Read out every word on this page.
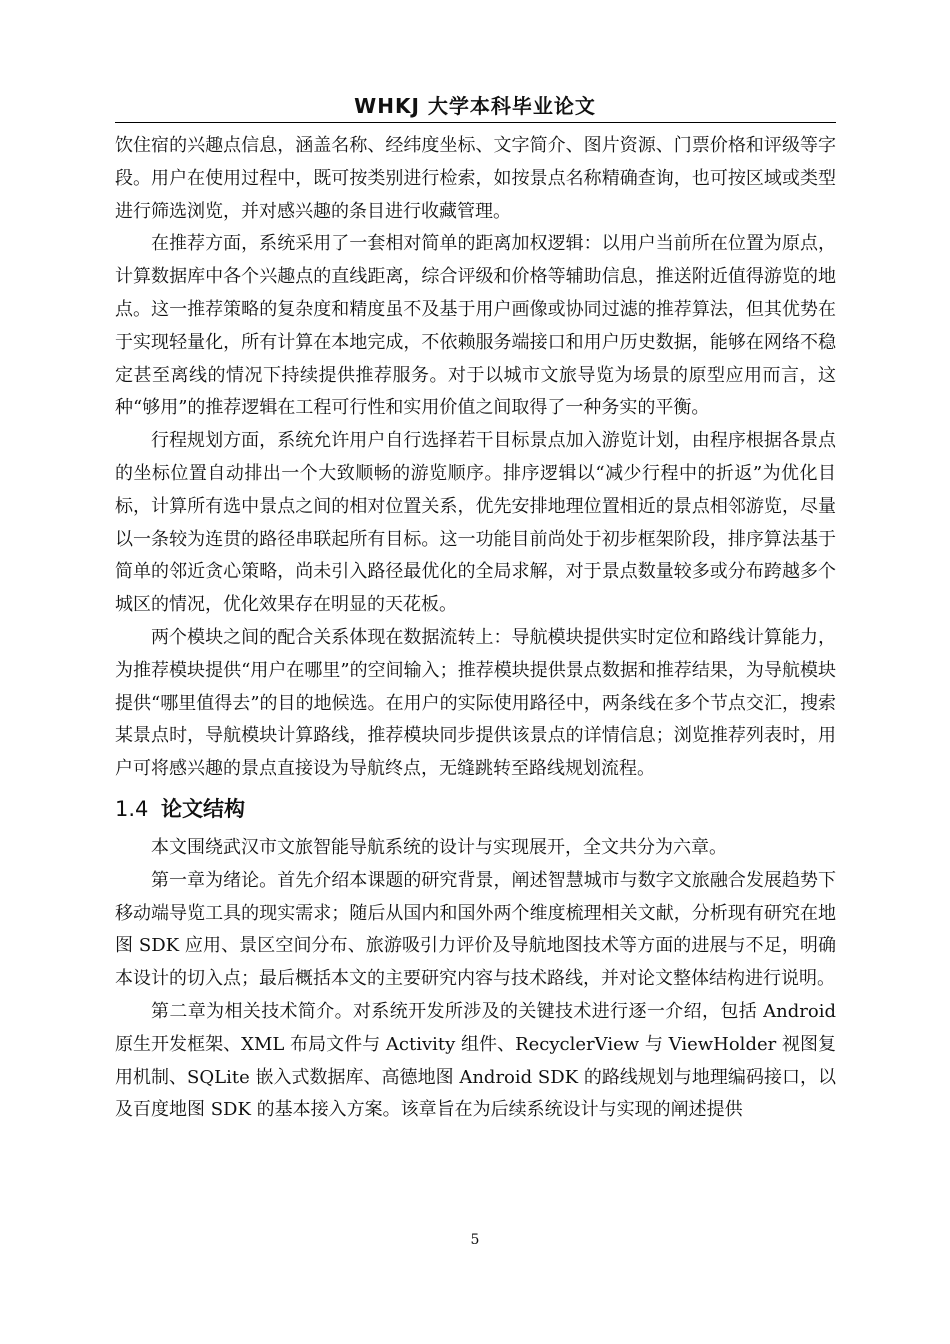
WHKJ 大学本科毕业论文

饮住宿的兴趣点信息，涵盖名称、经纬度坐标、文字简介、图片资源、门票价格和评级等字段。用户在使用过程中，既可按类别进行检索，如按景点名称精确查询，也可按区域或类型进行筛选浏览，并对感兴趣的条目进行收藏管理。

在推荐方面，系统采用了一套相对简单的距离加权逻辑：以用户当前所在位置为原点，计算数据库中各个兴趣点的直线距离，综合评级和价格等辅助信息，推送附近值得游览的地点。这一推荐策略的复杂度和精度虽不及基于用户画像或协同过滤的推荐算法，但其优势在于实现轻量化，所有计算在本地完成，不依赖服务端接口和用户历史数据，能够在网络不稳定甚至离线的情况下持续提供推荐服务。对于以城市文旅导览为场景的原型应用而言，这种“够用”的推荐逻辑在工程可行性和实用价值之间取得了一种务实的平衡。

行程规划方面，系统允许用户自行选择若干目标景点加入游览计划，由程序根据各景点的坐标位置自动排出一个大致顺畅的游览顺序。排序逻辑以“减少行程中的折返”为优化目标，计算所有选中景点之间的相对位置关系，优先安排地理位置相近的景点相邻游览，尽量以一条较为连贯的路径串联起所有目标。这一功能目前尚处于初步框架阶段，排序算法基于简单的邻近贪心策略，尚未引入路径最优化的全局求解，对于景点数量较多或分布跨越多个城区的情况，优化效果存在明显的天花板。

两个模块之间的配合关系体现在数据流转上：导航模块提供实时定位和路线计算能力，为推荐模块提供“用户在哪里”的空间输入；推荐模块提供景点数据和推荐结果，为导航模块提供“哪里值得去”的目的地候选。在用户的实际使用路径中，两条线在多个节点交汇，搜索某景点时，导航模块计算路线，推荐模块同步提供该景点的详情信息；浏览推荐列表时，用户可将感兴趣的景点直接设为导航终点，无缝跳转至路线规划流程。

1.4 论文结构

本文围绕武汉市文旅智能导航系统的设计与实现展开，全文共分为六章。

第一章为绪论。首先介绍本课题的研究背景，阐述智慧城市与数字文旅融合发展趋势下移动端导览工具的现实需求；随后从国内和国外两个维度梳理相关文献，分析现有研究在地图 SDK 应用、景区空间分布、旅游吸引力评价及导航地图技术等方面的进展与不足，明确本设计的切入点；最后概括本文的主要研究内容与技术路线，并对论文整体结构进行说明。

第二章为相关技术简介。对系统开发所涉及的关键技术进行逐一介绍，包括 Android 原生开发框架、XML 布局文件与 Activity 组件、RecyclerView 与 ViewHolder 视图复用机制、SQLite 嵌入式数据库、高德地图 Android SDK 的路线规划与地理编码接口，以及百度地图 SDK 的基本接入方案。该章旨在为后续系统设计与实现的阐述提供

5
